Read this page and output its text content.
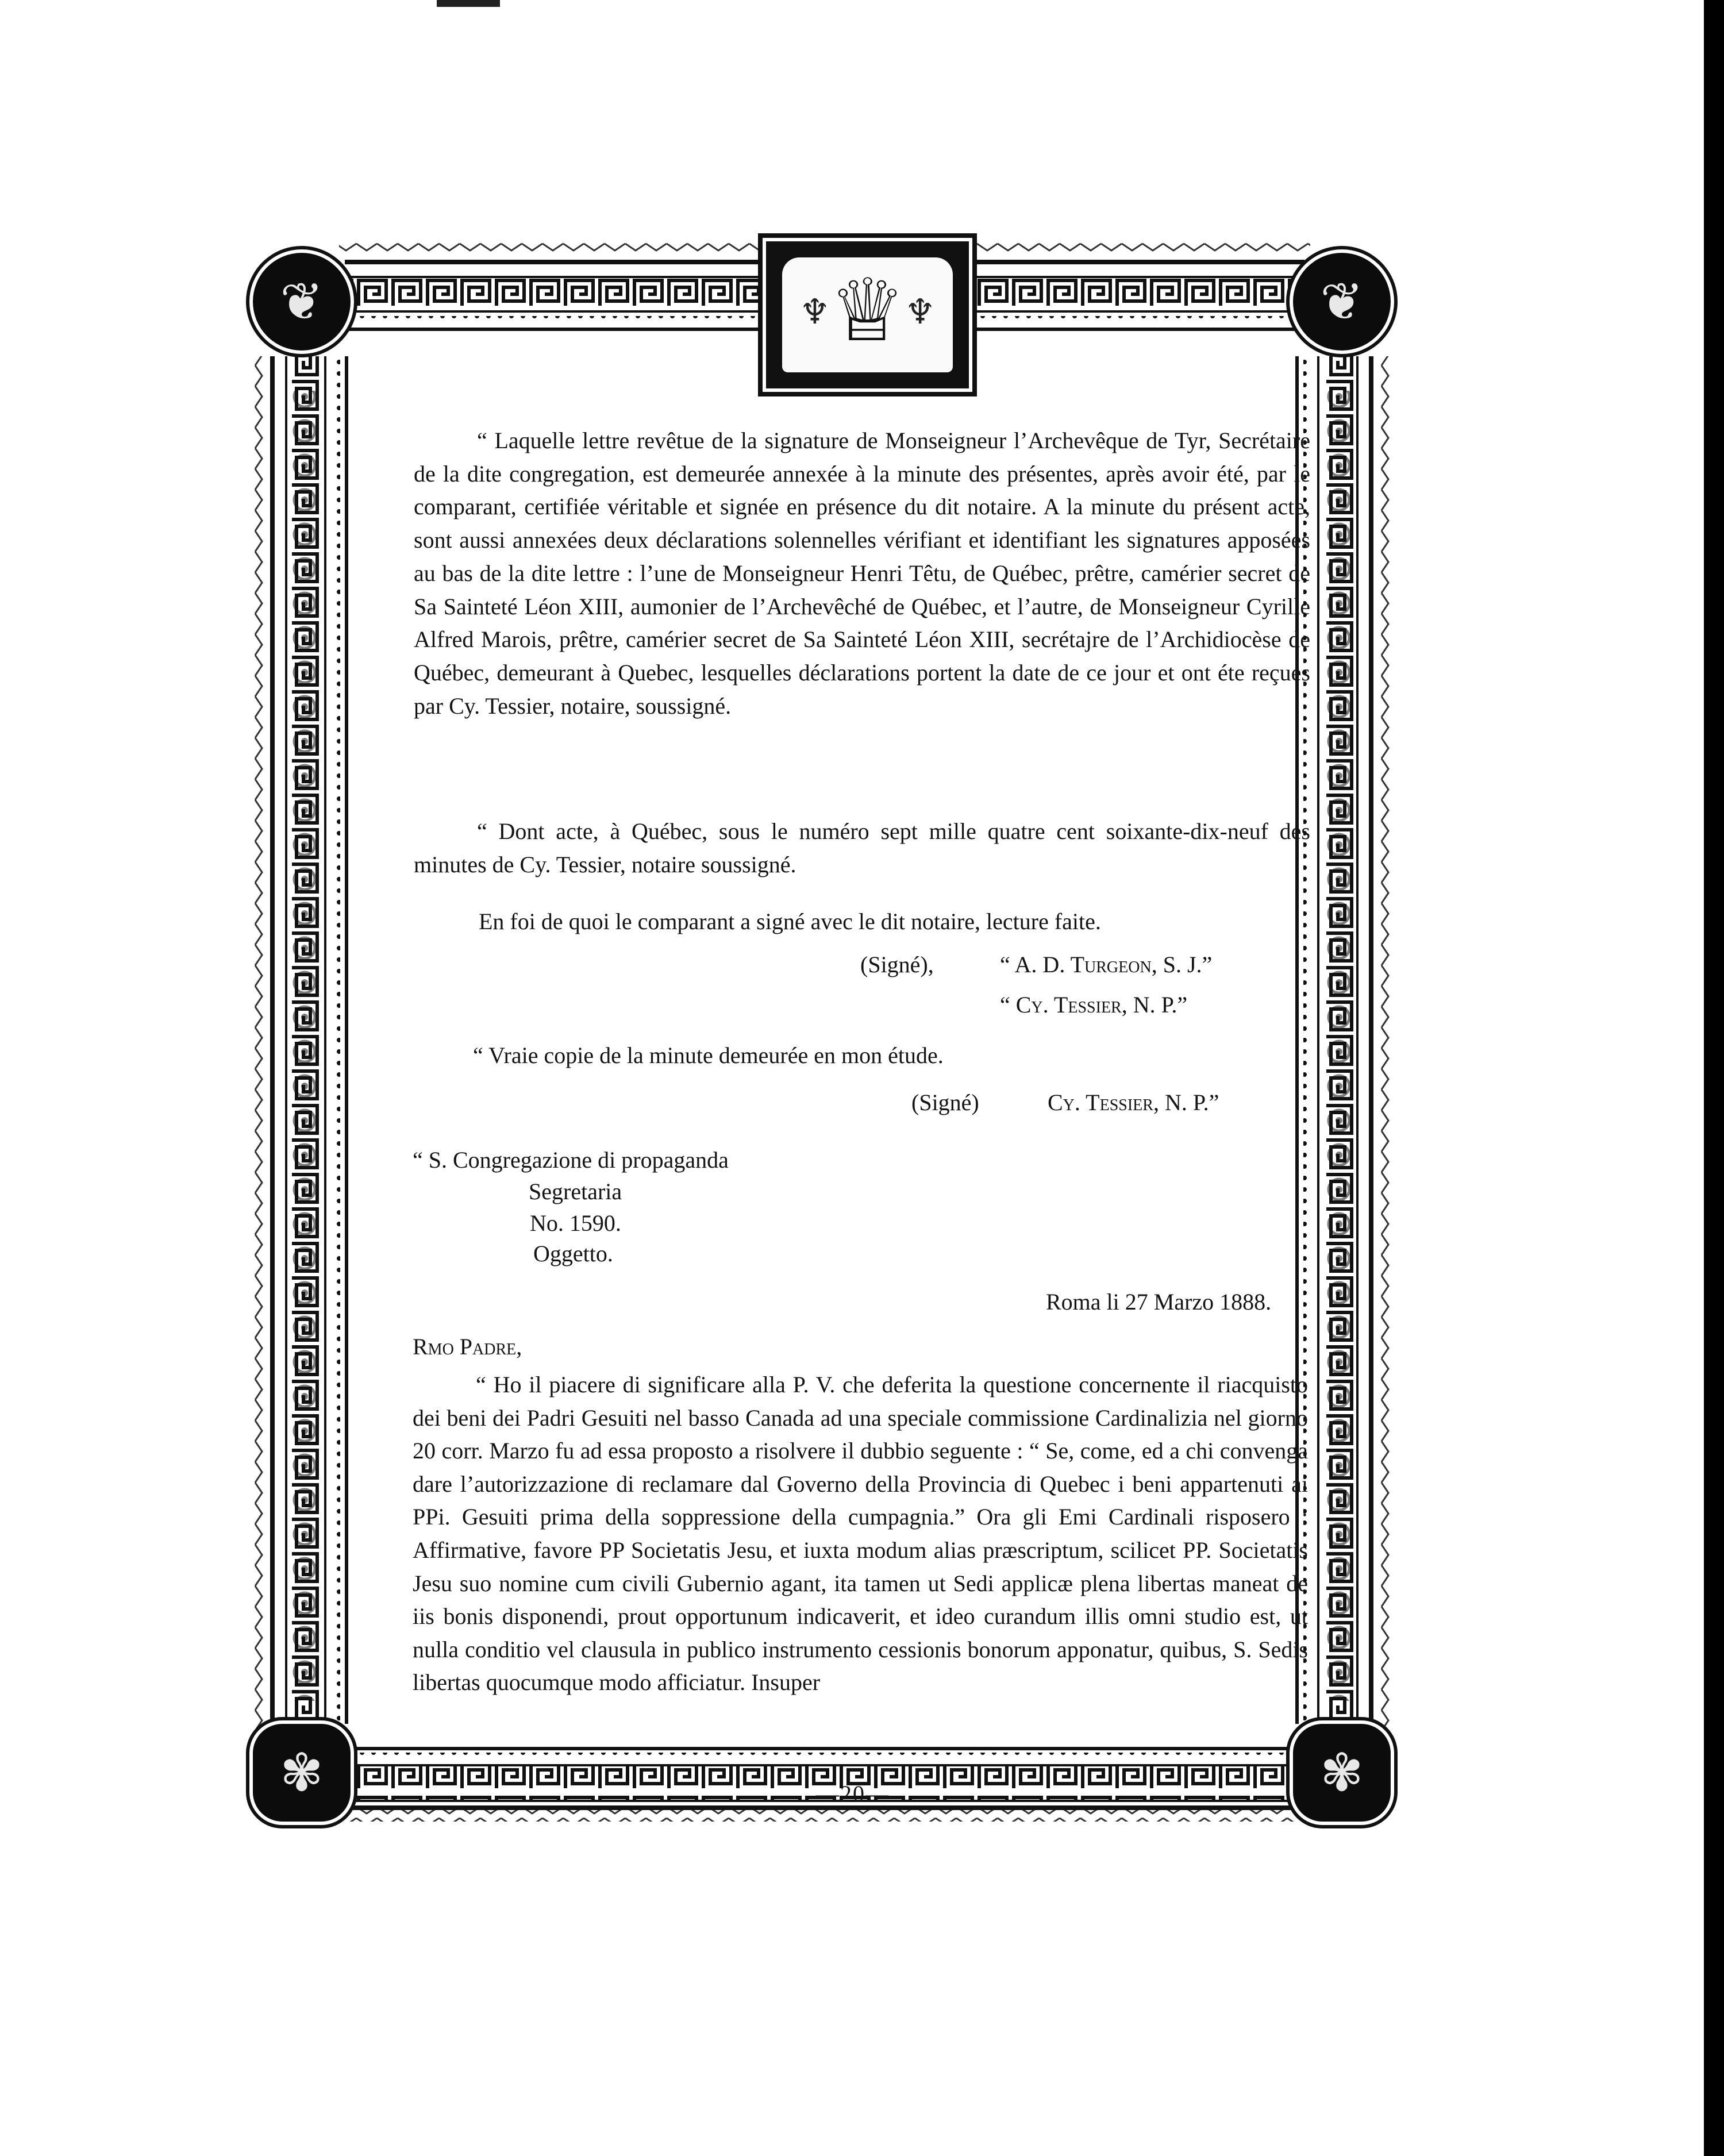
❦	❦
✾	✾
♆
♕
♆

“ Laquelle lettre revêtue de la signature de Monseigneur l’Archevêque de Tyr, Secrétaire de la dite congregation, est demeurée annexée à la minute des présentes, après avoir été, par le comparant, certifiée véritable et signée en présence du dit notaire. A la minute du présent acte, sont aussi annexées deux déclarations solennelles vérifiant et identifiant les signatures apposées au bas de la dite lettre : l’une de Monseigneur Henri Têtu, de Québec, prêtre, camérier secret de Sa Sainteté Léon XIII, aumonier de l’Archevêché de Québec, et l’autre, de Monseigneur Cyrille Alfred Marois, prêtre, camérier secret de Sa Sainteté Léon XIII, secrétajre de l’Archidiocèse de Québec, demeurant à Quebec, lesquelles déclarations portent la date de ce jour et ont éte reçues par Cy. Tessier, notaire, soussigné.

“ Dont acte, à Québec, sous le numéro sept mille quatre cent soixante-dix-neuf des minutes de Cy. Tessier, notaire soussigné.

En foi de quoi le comparant a signé avec le dit notaire, lecture faite.

(Signé),	“ A. D. Turgeon, S. J.”

“ Cy. Tessier, N. P.”

“ Vraie copie de la minute demeurée en mon étude.

(Signé)	Cy. Tessier, N. P.”

“ S. Congregazione di propaganda

Segretaria

No. 1590.

Oggetto.

Roma li 27 Marzo 1888.

Rmo Padre,

“ Ho il piacere di significare alla P. V. che deferita la questione concernente il riacquisto dei beni dei Padri Gesuiti nel basso Canada ad una speciale commissione Cardinalizia nel giorno 20 corr. Marzo fu ad essa proposto a risolvere il dubbio seguente : “ Se, come, ed a chi convenga dare l’autorizzazione di reclamare dal Governo della Provincia di Quebec i beni appartenuti ai PPi. Gesuiti prima della soppressione della cumpagnia.” Ora gli Emi Cardinali risposero : Affirmative, favore PP Societatis Jesu, et iuxta modum alias præscriptum, scilicet PP. Societatis Jesu suo nomine cum civili Gubernio agant, ita tamen ut Sedi applicæ plena libertas maneat de iis bonis disponendi, prout opportunum indicaverit, et ideo curandum illis omni studio est, ut nulla conditio vel clausula in publico instrumento cessionis bonorum apponatur, quibus, S. Sedis libertas quocumque modo afficiatur. Insuper

—20—
